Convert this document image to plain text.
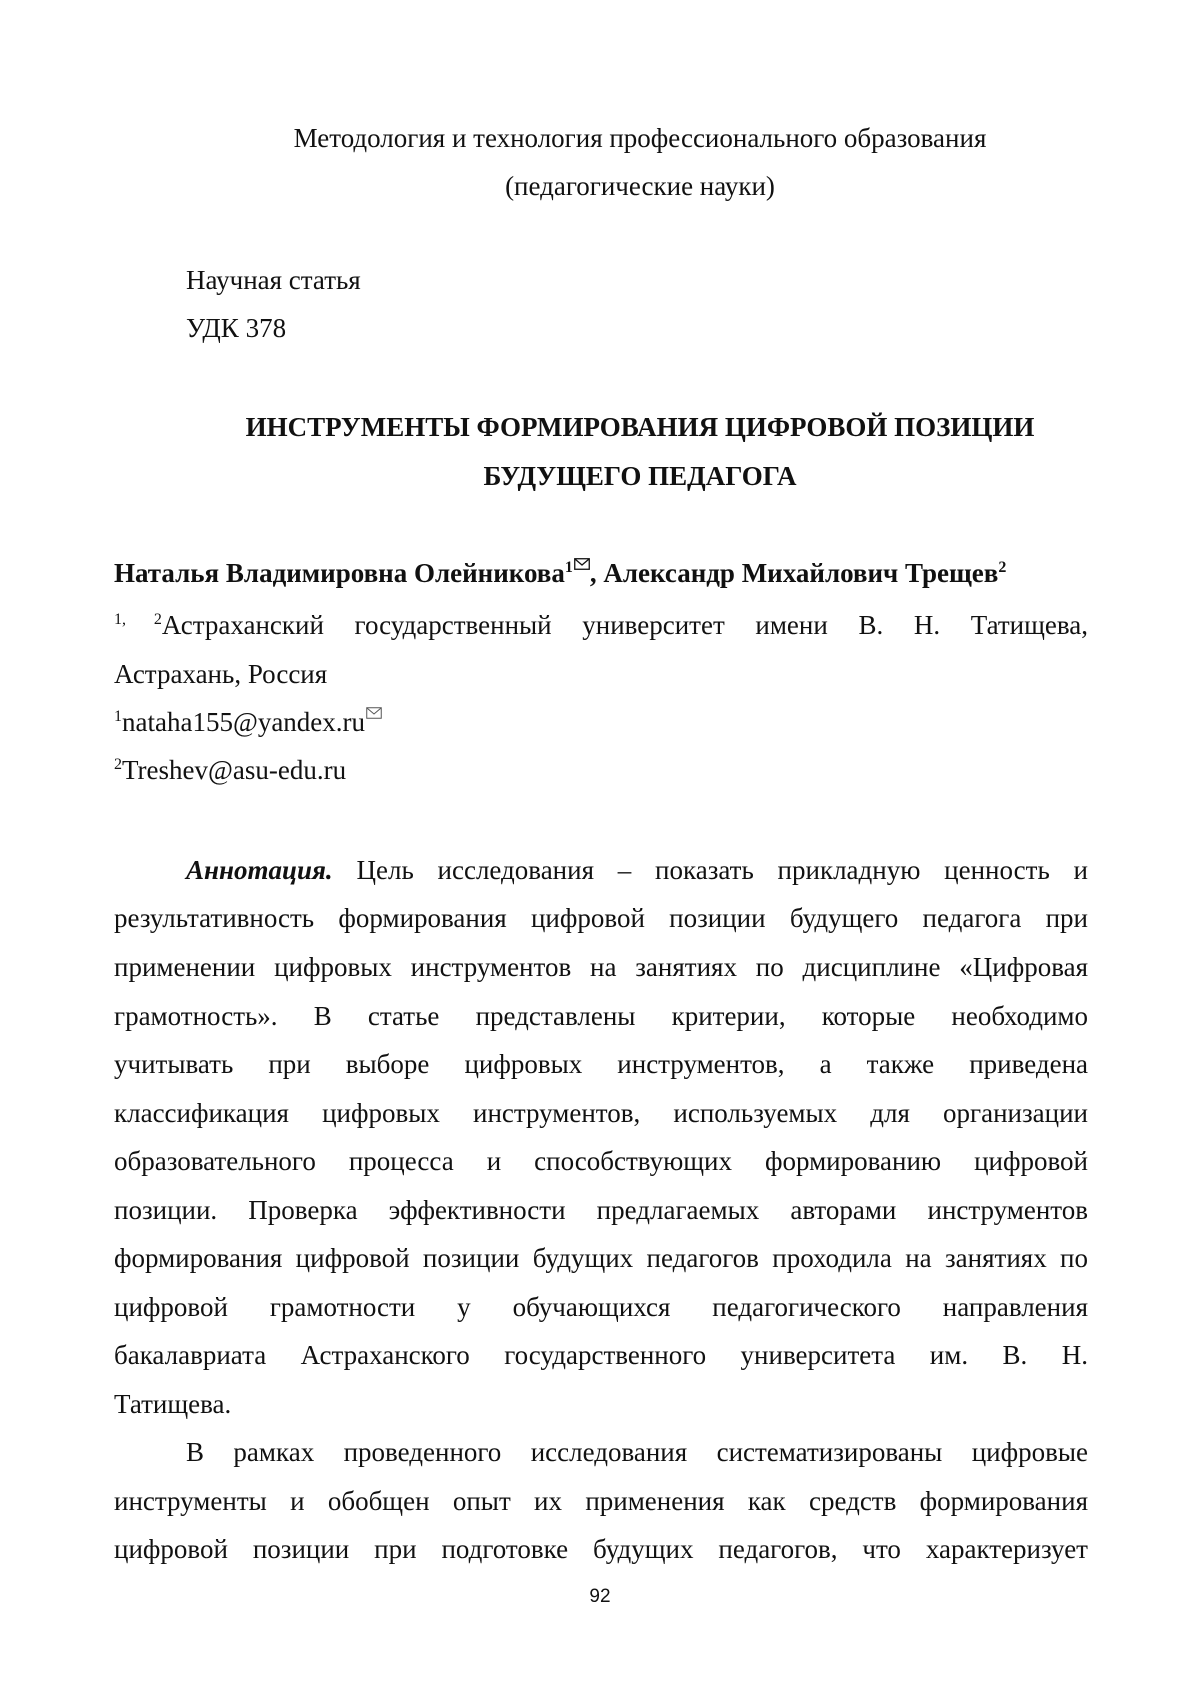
Методология и технология профессионального образования
(педагогические науки)
Научная статья
УДК 378
ИНСТРУМЕНТЫ ФОРМИРОВАНИЯ ЦИФРОВОЙ ПОЗИЦИИ
БУДУЩЕГО ПЕДАГОГА
Наталья Владимировна Олейникова$^1$ , Александр Михайлович Трещев$^2$
$^{1, 2}$Астраханский государственный университет имени В. Н. Татищева,
Астрахань, Россия
$^1$nataha155@yandex.ru
$^2$Treshev@asu-edu.ru
Аннотация. Цель исследования – показать прикладную ценность и
результативность формирования цифровой позиции будущего педагога при
применении цифровых инструментов на занятиях по дисциплине «Цифровая
грамотность». В статье представлены критерии, которые необходимо
учитывать при выборе цифровых инструментов, а также приведена
классификация цифровых инструментов, используемых для организации
образовательного процесса и способствующих формированию цифровой
позиции. Проверка эффективности предлагаемых авторами инструментов
формирования цифровой позиции будущих педагогов проходила на занятиях по
цифровой грамотности у обучающихся педагогического направления
бакалавриата Астраханского государственного университета им. В. Н.
Татищева.
В рамках проведенного исследования систематизированы цифровые
инструменты и обобщен опыт их применения как средств формирования
цифровой позиции при подготовке будущих педагогов, что характеризует
92
